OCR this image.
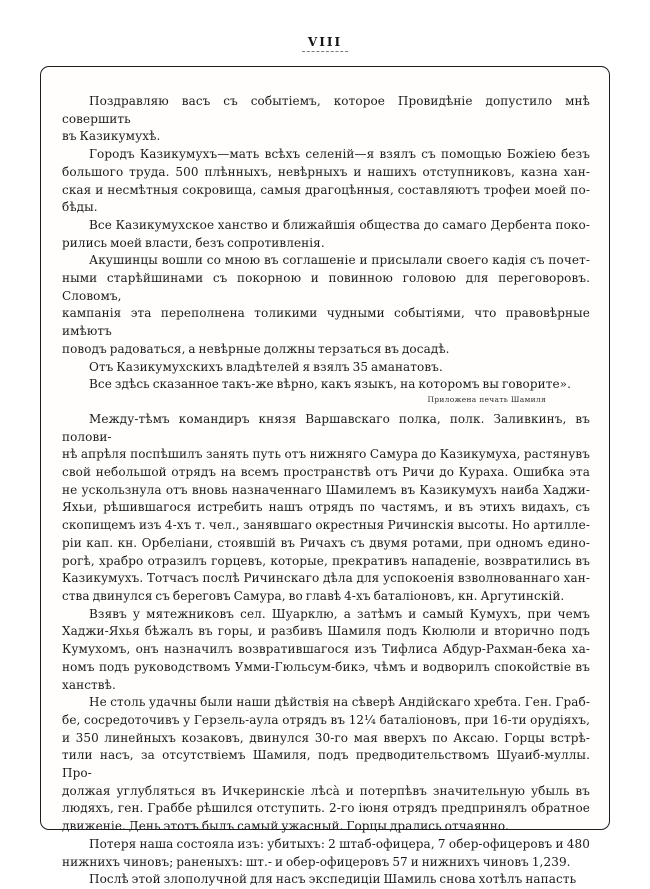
VIII
Поздравляю васъ съ событіемъ, которое Провидѣніе допустило мнѣ совершить
въ Казикумухѣ.
Городъ Казикумухъ—мать всѣхъ селеній—я взялъ съ помощью Божіею безъ
большого труда. 500 плѣнныхъ, невѣрныхъ и нашихъ отступниковъ, казна хан-
ская и несмѣтныя сокровища, самыя драгоцѣнныя, составляютъ трофеи моей по-
бѣды.
Все Казикумухское ханство и ближайшія общества до самаго Дербента поко-
рились моей власти, безъ сопротивленія.
Акушинцы вошли со мною въ соглашеніе и присылали своего кадія съ почет-
ными старѣйшинами съ покорною и повинною головою для переговоровъ. Словомъ,
кампанія эта переполнена толикими чудными событіями, что правовѣрные имѣютъ
поводъ радоваться, а невѣрные должны терзаться въ досадѣ.
Отъ Казикумухскихъ владѣтелей я взялъ 35 аманатовъ.
Все здѣсь сказанное такъ-же вѣрно, какъ языкъ, на которомъ вы говорите».
Приложена печать Шамиля
Между-тѣмъ командиръ князя Варшавскаго полка, полк. Заливкинъ, въ полови-
нѣ апрѣля поспѣшилъ занять путь отъ нижняго Самура до Казикумуха, растянувъ
свой небольшой отрядъ на всемъ пространствѣ отъ Ричи до Кураха. Ошибка эта
не ускользнула отъ вновь назначеннаго Шамилемъ въ Казикумухъ наиба Хаджи-
Яхьи, рѣшившагося истребить нашъ отрядъ по частямъ, и въ этихъ видахъ, съ
скопищемъ изъ 4-хъ т. чел., занявшаго окрестныя Ричинскія высоты. Но артилле-
ріи кап. кн. Орбеліани, стоявшій въ Ричахъ съ двумя ротами, при одномъ едино-
рогѣ, храбро отразилъ горцевъ, которые, прекративъ нападеніе, возвратились въ
Казикумухъ. Тотчасъ послѣ Ричинскаго дѣла для успокоенія взволнованнаго хан-
ства двинулся съ береговъ Самура, во главѣ 4-хъ баталіоновъ, кн. Аргутинскій.
Взявъ у мятежниковъ сел. Шуарклю, а затѣмъ и самый Кумухъ, при чемъ
Хаджи-Яхья бѣжалъ въ горы, и разбивъ Шамиля подъ Кюлюли и вторично подъ
Кумухомъ, онъ назначилъ возвратившагося изъ Тифлиса Абдур-Рахман-бека ха-
номъ подъ руководствомъ Умми-Гюльсум-бикэ, чѣмъ и водворилъ спокойствіе въ
ханствѣ.
Не столь удачны были наши дѣйствія на сѣверѣ Андійскаго хребта. Ген. Граб-
бе, сосредоточивъ у Герзель-аула отрядъ въ 12¼ баталіоновъ, при 16-ти орудіяхъ,
и 350 линейныхъ козаковъ, двинулся 30-го мая вверхъ по Аксаю. Горцы встрѣ-
тили насъ, за отсутствіемъ Шамиля, подъ предводительствомъ Шуаиб-муллы. Про-
должая углубляться въ Ичкеринскіе лѣсà и потерпѣвъ значительную убыль въ
людяхъ, ген. Граббе рѣшился отступить. 2-го іюня отрядъ предпринялъ обратное
движеніе. День этотъ былъ самый ужасный. Горцы дрались отчаянно.
Потеря наша состояла изъ: убитыхъ: 2 штаб-офицера, 7 обер-офицеровъ и 480
нижнихъ чиновъ; раненыхъ: шт.- и обер-офицеровъ 57 и нижнихъ чиновъ 1,239.
Послѣ этой злополучной для насъ экспедиціи Шамиль снова хотѣлъ напасть
